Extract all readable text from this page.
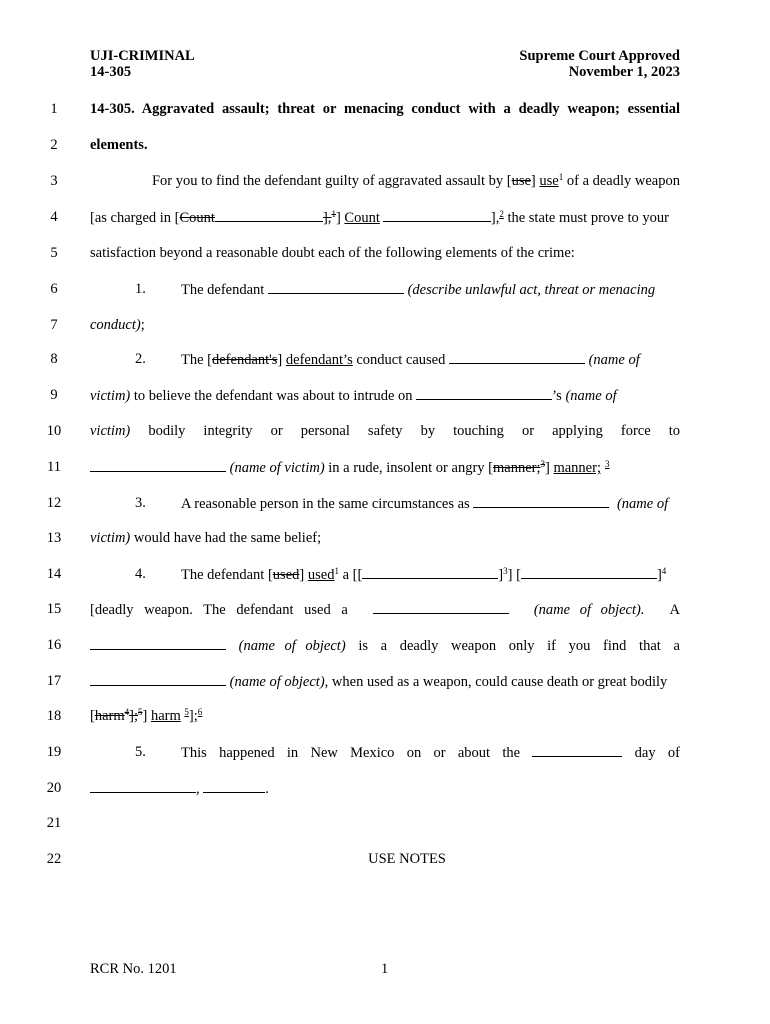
UJI-CRIMINAL
14-305
Supreme Court Approved
November 1, 2023
1
2
3
4
5
6
7
8
9
10
11
12
13
14
15
16
17
18
19
20
21
22
14-305. Aggravated assault; threat or menacing conduct with a deadly weapon; essential
elements.
For you to find the defendant guilty of aggravated assault by [use] use$^1$ of a deadly weapon
[as charged in [Count	],$^1$] Count	],$^2$ the state must prove to your
satisfaction beyond a reasonable doubt each of the following elements of the crime:
1. The defendant	(describe unlawful act, threat or menacing
conduct);
2. The [defendant's] defendant’s conduct caused	(name of
victim) to believe the defendant was about to intrude on	’s (name of
victim) bodily integrity or personal safety by touching or applying force to
(name of victim) in a rude, insolent or angry [manner;$^3$] manner; $^3$
3. A reasonable person in the same circumstances as	(name of
victim) would have had the same belief;
4. The defendant [used] used$^1$ a [[	]$^3$] [	]$^4$
[deadly weapon. The defendant used a	(name of object). A
(name of object) is a deadly weapon only if you find that a
(name of object), when used as a weapon, could cause death or great bodily
[harm$^4$];$^5$] harm $^5$];$^6$
5. This happened in New Mexico on or about the	day of
,	.
USE NOTES
RCR No. 1201	1
